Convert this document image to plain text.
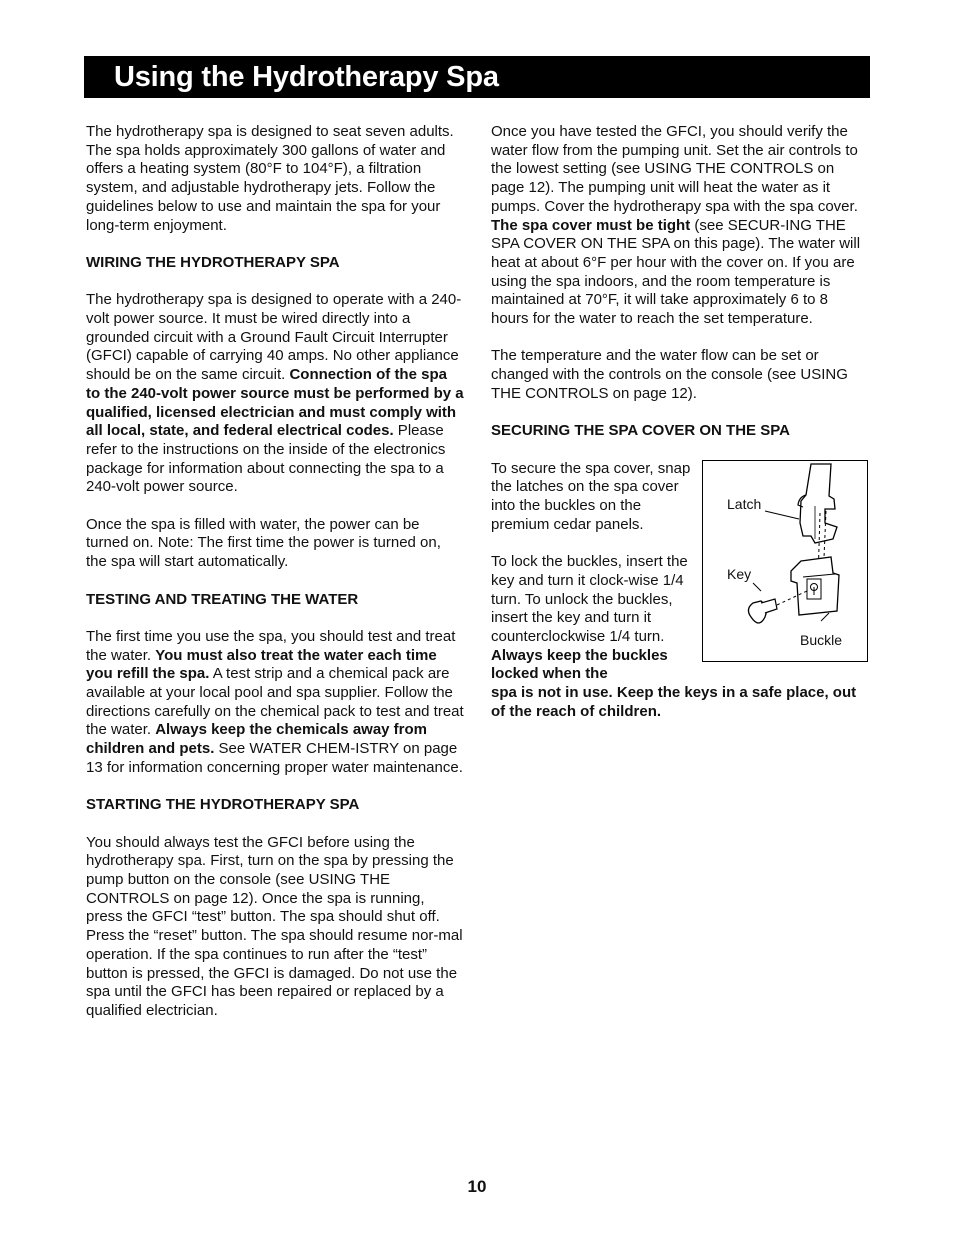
Using the Hydrotherapy Spa

The hydrotherapy spa is designed to seat seven adults. The spa holds approximately 300 gallons of water and offers a heating system (80°F to 104°F), a filtration system, and adjustable hydrotherapy jets. Follow the guidelines below to use and maintain the spa for your long-term enjoyment.

WIRING THE HYDROTHERAPY SPA

The hydrotherapy spa is designed to operate with a 240-volt power source. It must be wired directly into a grounded circuit with a Ground Fault Circuit Interrupter (GFCI) capable of carrying 40 amps. No other appliance should be on the same circuit. Connection of the spa to the 240-volt power source must be performed by a qualified, licensed electrician and must comply with all local, state, and federal electrical codes. Please refer to the instructions on the inside of the electronics package for information about connecting the spa to a 240-volt power source.

Once the spa is filled with water, the power can be turned on. Note: The first time the power is turned on, the spa will start automatically.

TESTING AND TREATING THE WATER

The first time you use the spa, you should test and treat the water. You must also treat the water each time you refill the spa. A test strip and a chemical pack are available at your local pool and spa supplier. Follow the directions carefully on the chemical pack to test and treat the water. Always keep the chemicals away from children and pets. See WATER CHEM-ISTRY on page 13 for information concerning proper water maintenance.

STARTING THE HYDROTHERAPY SPA

You should always test the GFCI before using the hydrotherapy spa. First, turn on the spa by pressing the pump button on the console (see USING THE CONTROLS on page 12). Once the spa is running, press the GFCI “test” button. The spa should shut off. Press the “reset” button. The spa should resume nor-mal operation. If the spa continues to run after the “test” button is pressed, the GFCI is damaged. Do not use the spa until the GFCI has been repaired or replaced by a qualified electrician.

Once you have tested the GFCI, you should verify the water flow from the pumping unit. Set the air controls to the lowest setting (see USING THE CONTROLS on page 12). The pumping unit will heat the water as it pumps. Cover the hydrotherapy spa with the spa cover. The spa cover must be tight (see SECUR-ING THE SPA COVER ON THE SPA on this page). The water will heat at about 6°F per hour with the cover on. If you are using the spa indoors, and the room temperature is maintained at 70°F, it will take approximately 6 to 8 hours for the water to reach the set temperature.

The temperature and the water flow can be set or changed with the controls on the console (see USING THE CONTROLS on page 12).

SECURING THE SPA COVER ON THE SPA

To secure the spa cover, snap the latches on the spa cover into the buckles on the premium cedar panels.

To lock the buckles, insert the key and turn it clock-wise 1/4 turn. To unlock the buckles, insert the key and turn it counterclockwise 1/4 turn. Always keep the buckles locked when the

spa is not in use. Keep the keys in a safe place, out of the reach of children.

Latch
Key
Buckle
10
